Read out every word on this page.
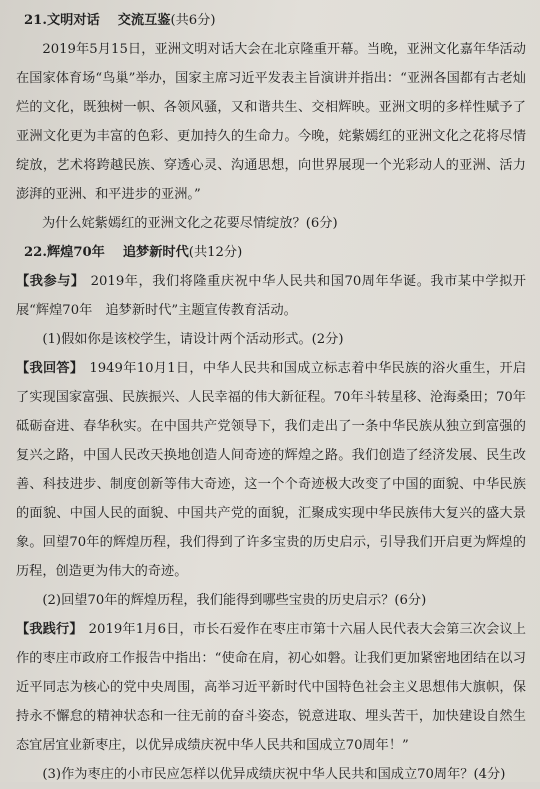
21.文明对话 交流互鉴(共6分)

2019年5月15日，亚洲文明对话大会在北京隆重开幕。当晚，亚洲文化嘉年华活动在国家体育场“鸟巢”举办，国家主席习近平发表主旨演讲并指出：“亚洲各国都有古老灿烂的文化，既独树一帜、各领风骚，又和谐共生、交相辉映。亚洲文明的多样性赋予了亚洲文化更为丰富的色彩、更加持久的生命力。今晚，姹紫嫣红的亚洲文化之花将尽情绽放，艺术将跨越民族、穿透心灵、沟通思想，向世界展现一个光彩动人的亚洲、活力澎湃的亚洲、和平进步的亚洲。”

为什么姹紫嫣红的亚洲文化之花要尽情绽放？(6分)

22.辉煌70年 追梦新时代(共12分)

【我参与】 2019年，我们将隆重庆祝中华人民共和国70周年华诞。我市某中学拟开展“辉煌70年　追梦新时代”主题宣传教育活动。

(1)假如你是该校学生，请设计两个活动形式。(2分)

【我回答】 1949年10月1日，中华人民共和国成立标志着中华民族的浴火重生，开启了实现国家富强、民族振兴、人民幸福的伟大新征程。70年斗转星移、沧海桑田；70年砥砺奋进、春华秋实。在中国共产党领导下，我们走出了一条中华民族从独立到富强的复兴之路，中国人民改天换地创造人间奇迹的辉煌之路。我们创造了经济发展、民生改善、科技进步、制度创新等伟大奇迹，这一个个奇迹极大改变了中国的面貌、中华民族的面貌、中国人民的面貌、中国共产党的面貌，汇聚成实现中华民族伟大复兴的盛大景象。回望70年的辉煌历程，我们得到了许多宝贵的历史启示，引导我们开启更为辉煌的历程，创造更为伟大的奇迹。

(2)回望70年的辉煌历程，我们能得到哪些宝贵的历史启示？(6分)

【我践行】 2019年1月6日，市长石爱作在枣庄市第十六届人民代表大会第三次会议上作的枣庄市政府工作报告中指出：“使命在肩，初心如磐。让我们更加紧密地团结在以习近平同志为核心的党中央周围，高举习近平新时代中国特色社会主义思想伟大旗帜，保持永不懈怠的精神状态和一往无前的奋斗姿态，锐意进取、埋头苦干，加快建设自然生态宜居宜业新枣庄，以优异成绩庆祝中华人民共和国成立70周年！”

(3)作为枣庄的小市民应怎样以优异成绩庆祝中华人民共和国成立70周年？(4分)
